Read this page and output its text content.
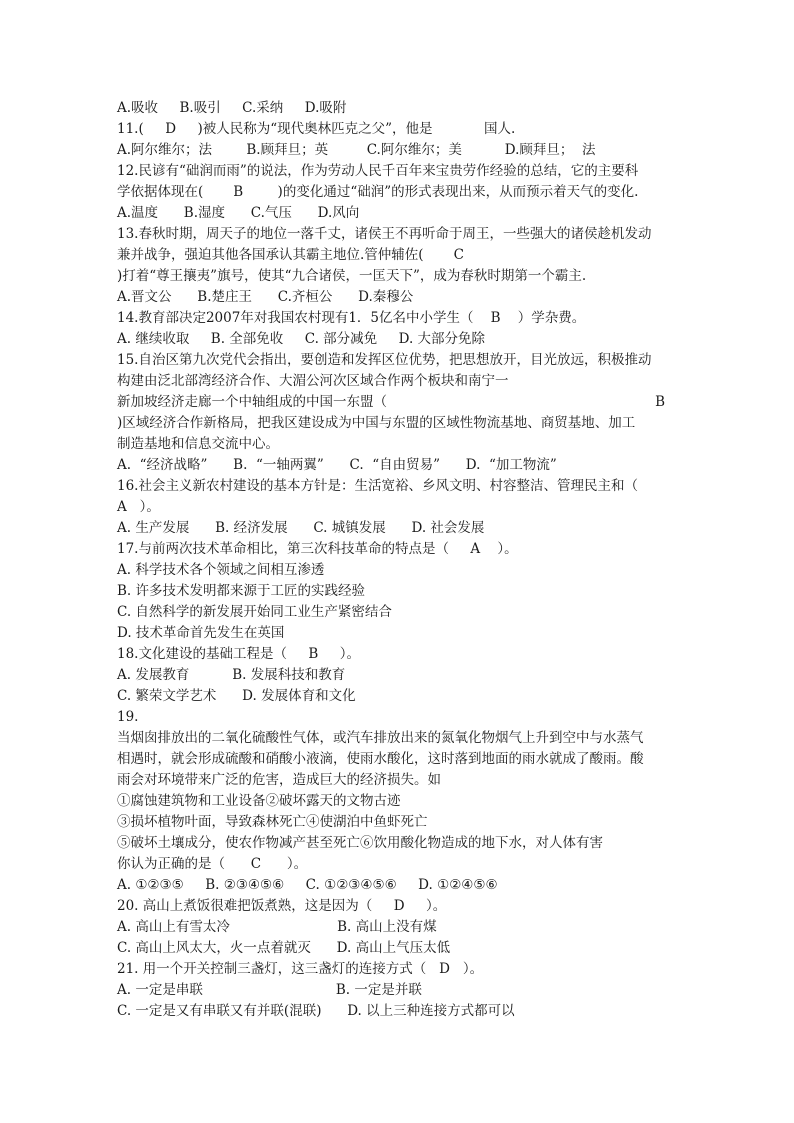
A.吸收     B.吸引     C.采纳     D.吸附
11.(     D     )被人民称为“现代奥林匹克之父”，他是            国人.
A.阿尔维尔；法        B.顾拜旦；英         C.阿尔维尔；美          D.顾拜旦；  法
12.民谚有“础润而雨”的说法，作为劳动人民千百年来宝贵劳作经验的总结，它的主要科
学依据体现在(       B        )的变化通过“础润”的形式表现出来，从而预示着天气的变化.
A.温度      B.湿度      C.气压      D.风向
13.春秋时期，周天子的地位一落千丈，诸侯王不再听命于周王，一些强大的诸侯趁机发动
兼并战争，强迫其他各国承认其霸主地位.管仲辅佐(       C
)打着“尊王攘夷”旗号，使其“九合诸侯，一匡天下”，成为春秋时期第一个霸主.
A.晋文公      B.楚庄王      C.齐桓公      D.秦穆公
14.教育部决定2007年对我国农村现有1．5亿名中小学生（    B    ）学杂费。
A. 继续收取     B. 全部免收     C. 部分减免     D. 大部分免除
15.自治区第九次党代会指出，要创造和发挥区位优势，把思想放开，目光放远，积极推动
构建由泛北部湾经济合作、大湄公河次区域合作两个板块和南宁一
新加坡经济走廊一个中轴组成的中国一东盟（	B
)区域经济合作新格局，把我区建设成为中国与东盟的区域性物流基地、商贸基地、加工
制造基地和信息交流中心。
A.  “经济战略”      B.  “一轴两翼”      C.  “自由贸易”      D.  “加工物流”
16.社会主义新农村建设的基本方针是：生活宽裕、乡风文明、村容整洁、管理民主和（
A   ）。
A. 生产发展      B. 经济发展      C. 城镇发展      D. 社会发展
17.与前两次技术革命相比，第三次科技革命的特点是（     A    ）。
A. 科学技术各个领域之间相互渗透
B. 许多技术发明都来源于工匠的实践经验
C. 自然科学的新发展开始同工业生产紧密结合
D. 技术革命首先发生在英国
18.文化建设的基础工程是（     B     ）。
A. 发展教育          B. 发展科技和教育
C. 繁荣文学艺术      D. 发展体育和文化
19.
当烟囱排放出的二氧化硫酸性气体，或汽车排放出来的氮氧化物烟气上升到空中与水蒸气
相遇时，就会形成硫酸和硝酸小液滴，使雨水酸化，这时落到地面的雨水就成了酸雨。酸
雨会对环境带来广泛的危害，造成巨大的经济损失。如
①腐蚀建筑物和工业设备②破坏露天的文物古迹
③损坏植物叶面，导致森林死亡④使湖泊中鱼虾死亡
⑤破坏土壤成分，使农作物减产甚至死亡⑥饮用酸化物造成的地下水，对人体有害
你认为正确的是（      C      ）。
A. ①②③⑤     B. ②③④⑤⑥     C. ①②③④⑤⑥     D. ①②④⑤⑥
20. 高山上煮饭很难把饭煮熟，这是因为（     D     ）。
A. 高山上有雪太冷                         B. 高山上没有煤
C. 高山上风太大，火一点着就灭      D. 高山上气压太低
21. 用一个开关控制三盏灯，这三盏灯的连接方式（   D   ）。
A. 一定是串联                               B. 一定是并联
C. 一定是又有串联又有并联(混联)      D. 以上三种连接方式都可以
